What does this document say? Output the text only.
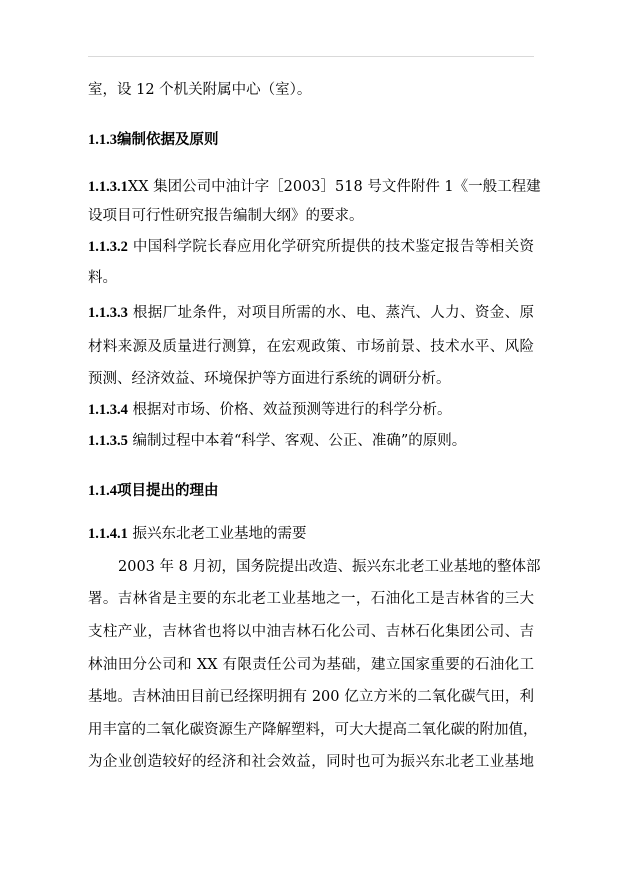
室，设 12 个机关附属中心（室）。
1.1.3编制依据及原则
1.1.3.1XX 集团公司中油计字［2003］518 号文件附件 1《一般工程建
设项目可行性研究报告编制大纲》的要求。
1.1.3.2 中国科学院长春应用化学研究所提供的技术鉴定报告等相关资
料。
1.1.3.3 根据厂址条件，对项目所需的水、电、蒸汽、人力、资金、原
材料来源及质量进行测算，在宏观政策、市场前景、技术水平、风险
预测、经济效益、环境保护等方面进行系统的调研分析。
1.1.3.4 根据对市场、价格、效益预测等进行的科学分析。
1.1.3.5 编制过程中本着“科学、客观、公正、准确”的原则。
1.1.4项目提出的理由
1.1.4.1 振兴东北老工业基地的需要
2003 年 8 月初，国务院提出改造、振兴东北老工业基地的整体部
署。吉林省是主要的东北老工业基地之一，石油化工是吉林省的三大
支柱产业，吉林省也将以中油吉林石化公司、吉林石化集团公司、吉
林油田分公司和 XX 有限责任公司为基础，建立国家重要的石油化工
基地。吉林油田目前已经探明拥有 200 亿立方米的二氧化碳气田，利
用丰富的二氧化碳资源生产降解塑料，可大大提高二氧化碳的附加值，
为企业创造较好的经济和社会效益，同时也可为振兴东北老工业基地
